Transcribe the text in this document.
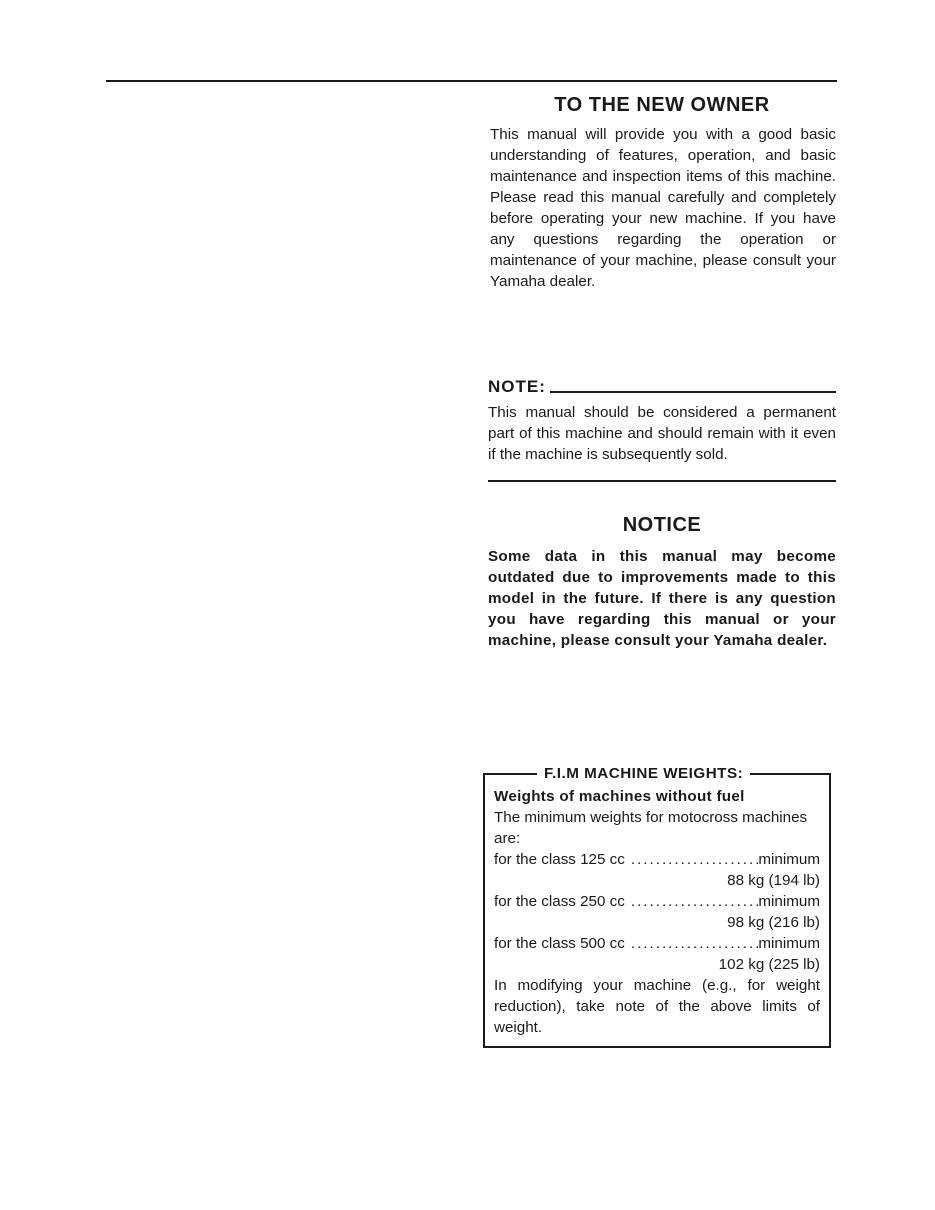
TO THE NEW OWNER

This manual will provide you with a good basic understanding of features, operation, and basic maintenance and inspection items of this machine. Please read this manual carefully and completely before operating your new machine. If you have any questions regarding the operation or maintenance of your machine, please consult your Yamaha dealer.

NOTE:

This manual should be considered a permanent part of this machine and should remain with it even if the machine is subsequently sold.

NOTICE

Some data in this manual may become outdated due to improvements made to this model in the future. If there is any question you have regarding this manual or your machine, please consult your Yamaha dealer.

F.I.M MACHINE WEIGHTS:
Weights of machines without fuel
The minimum weights for motocross machines are:
for the class 125 cc .....	minimum
88 kg (194 lb)
for the class 250 cc .....	minimum
98 kg (216 lb)
for the class 500 cc .....	minimum
102 kg (225 lb)
In modifying your machine (e.g., for weight reduction), take note of the above limits of weight.
